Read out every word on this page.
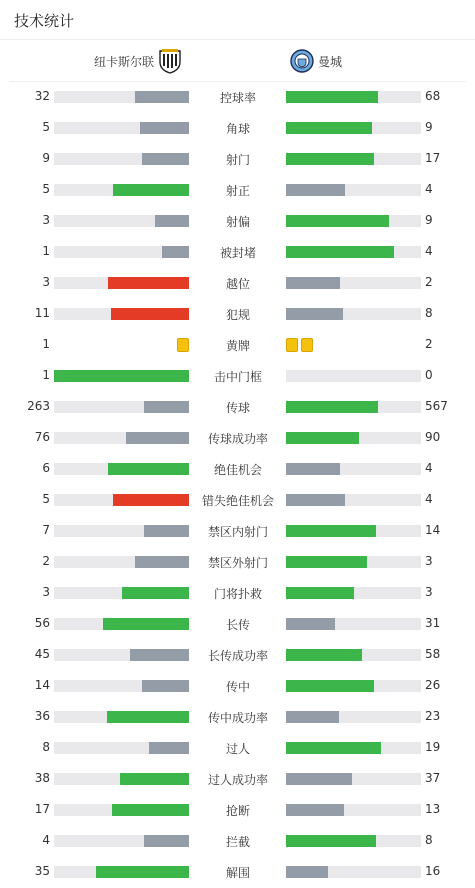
技术统计
纽卡斯尔联	曼城
32	控球率	68
5	角球	9
9	射门	17
5	射正	4
3	射偏	9
1	被封堵	4
3	越位	2
11	犯规	8
1	黄牌	2
1	击中门框	0
263	传球	567
76	传球成功率	90
6	绝佳机会	4
5	错失绝佳机会	4
7	禁区内射门	14
2	禁区外射门	3
3	门将扑救	3
56	长传	31
45	长传成功率	58
14	传中	26
36	传中成功率	23
8	过人	19
38	过人成功率	37
17	抢断	13
4	拦截	8
35	解围	16
